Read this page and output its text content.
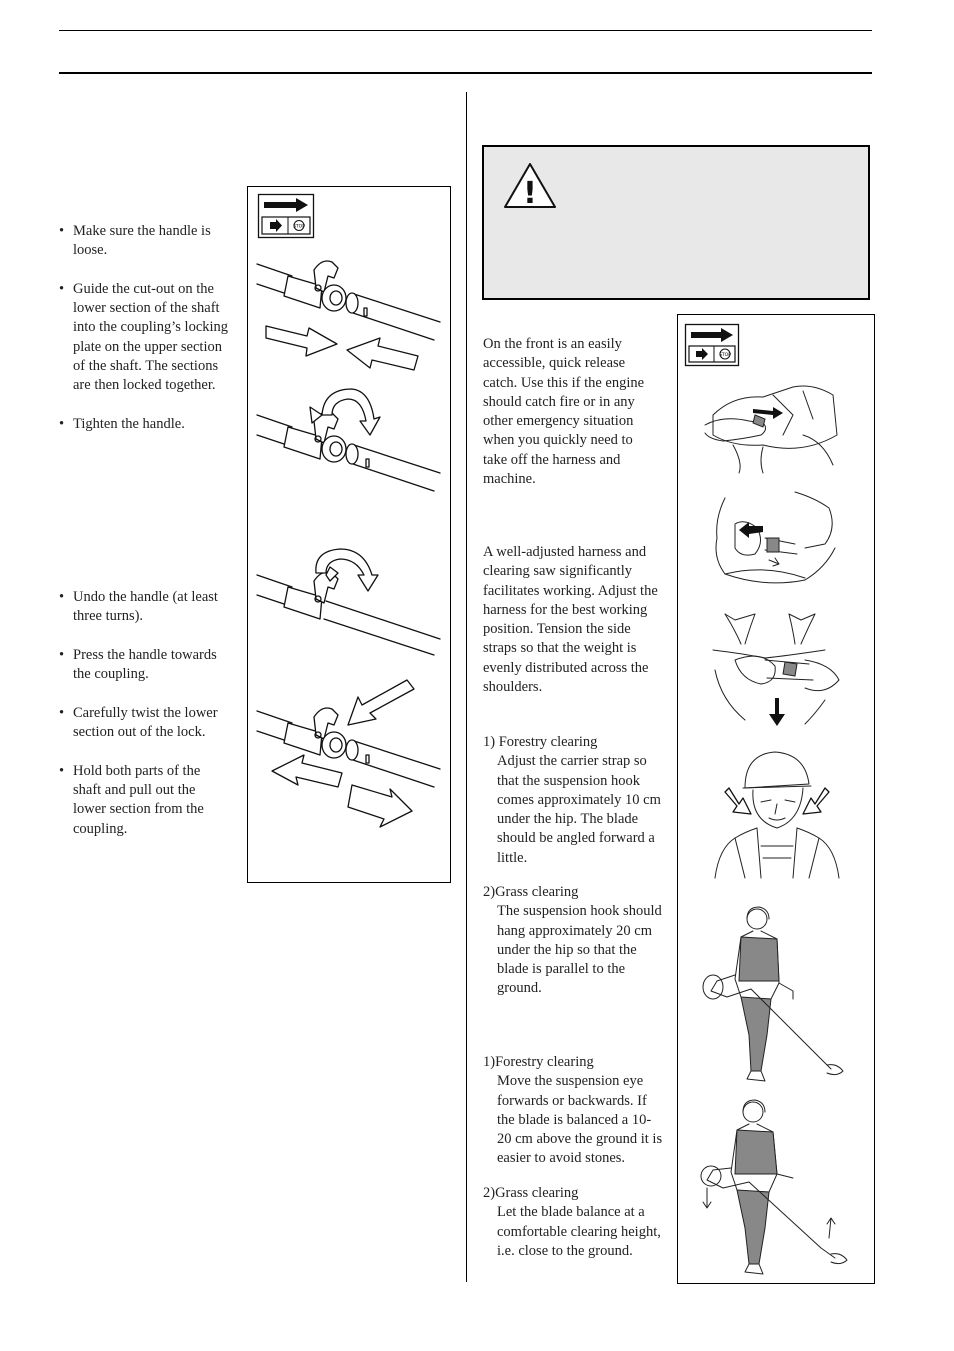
• Make sure the handle is loose.
• Guide the cut-out on the lower section of the shaft into the coupling’s locking plate on the upper section of the shaft. The sections are then locked together.
• Tighten the handle.
• Undo the handle (at least three turns).
• Press the handle towards the coupling.
• Carefully twist the lower section out of the lock.
• Hold both parts of the shaft and pull out the lower section from the coupling.
STOP
!

On the front is an easily accessible, quick release catch. Use this if the engine should catch fire or in any other emergency situation when you quickly need to take off the harness and machine.

A well-adjusted harness and clearing saw significantly facilitates working. Adjust the harness for the best working position. Tension the side straps so that the weight is evenly distributed across the shoulders.

1) Forestry clearing
Adjust the carrier strap so that the suspension hook comes approximately 10 cm under the hip. The blade should be angled forward a little.
2)Grass clearing
The suspension hook should hang approximately 20 cm under the hip so that the blade is parallel to the ground.
1)Forestry clearing
Move the suspension eye forwards or backwards. If the blade is balanced a 10-20 cm above the ground it is easier to avoid stones.
2)Grass clearing
Let the blade balance at a comfortable clearing height, i.e. close to the ground.
STOP
